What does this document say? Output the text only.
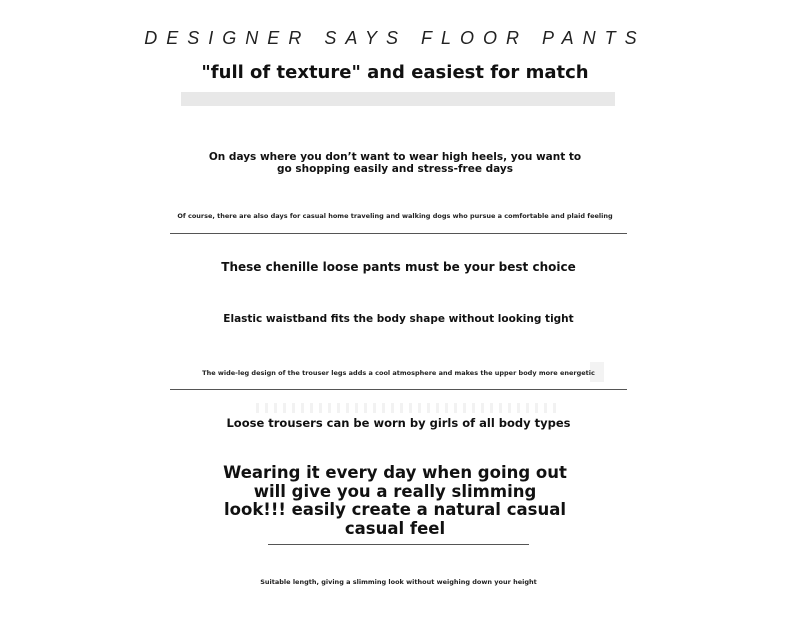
DESIGNER SAYS FLOOR PANTS
"full of texture" and easiest for match
On days where you don’t want to wear high heels, you want to go shopping easily and stress-free days
Of course, there are also days for casual home traveling and walking dogs who pursue a comfortable and plaid feeling
These chenille loose pants must be your best choice
Elastic waistband fits the body shape without looking tight
The wide-leg design of the trouser legs adds a cool atmosphere and makes the upper body more energetic
Loose trousers can be worn by girls of all body types
Wearing it every day when going out will give you a really slimming look!!! easily create a natural casual casual feel
Suitable length, giving a slimming look without weighing down your height
